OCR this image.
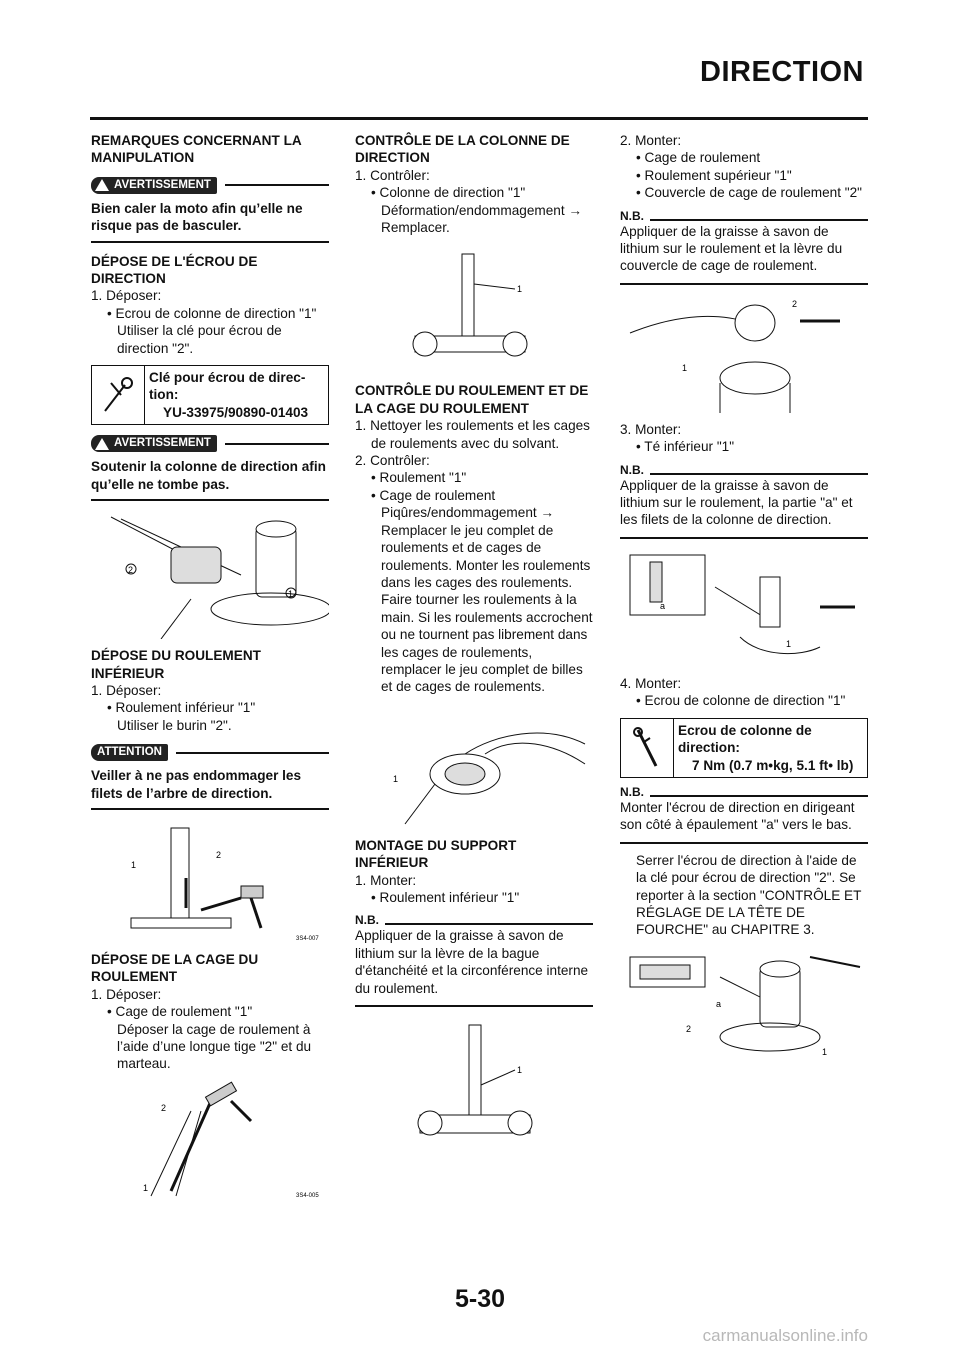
DIRECTION

REMARQUES CONCERNANT LA MANIPULATION

AVERTISSEMENT
Bien caler la moto afin qu’elle ne risque pas de basculer.

DÉPOSE DE L'ÉCROU DE DIRECTION

1. Déposer:

• Ecrou de colonne de direction "1"

Utiliser la clé pour écrou de direction "2".

Clé pour écrou de direc- tion:
YU-33975/90890-01403
AVERTISSEMENT
Soutenir la colonne de direction afin qu’elle ne tombe pas.
2
1

DÉPOSE DU ROULEMENT INFÉRIEUR

1. Déposer:

• Roulement inférieur "1"

Utiliser le burin "2".

ATTENTION
Veiller à ne pas endommager les filets de l’arbre de direction.
1
2
3S4-007

DÉPOSE DE LA CAGE DU ROULEMENT

1. Déposer:

• Cage de roulement "1"

Déposer la cage de roulement à l’aide d’une longue tige "2" et du marteau.

2
1
3S4-005

CONTRÔLE DE LA COLONNE DE DIRECTION

1. Contrôler:

• Colonne de direction "1"

Déformation/endommagement → Remplacer.

1

CONTRÔLE DU ROULEMENT ET DE LA CAGE DU ROULEMENT

1. Nettoyer les roulements et les cages de roulements avec du solvant.

2. Contrôler:

• Roulement "1"

• Cage de roulement

Piqûres/endommagement → Remplacer le jeu complet de roulements et de cages de roulements. Monter les roulements dans les cages des roulements. Faire tourner les roulements à la main. Si les roulements accrochent ou ne tournent pas librement dans les cages de roulements, remplacer le jeu complet de billes et de cages de roulements.

1

MONTAGE DU SUPPORT INFÉRIEUR

1. Monter:

• Roulement inférieur "1"

N.B.
Appliquer de la graisse à savon de lithium sur la lèvre de la bague d'étanchéité et la circonférence interne du roulement.
1

2. Monter:

• Cage de roulement

• Roulement supérieur "1"

• Couvercle de cage de roulement "2"

N.B.
Appliquer de la graisse à savon de lithium sur le roulement et la lèvre du couvercle de cage de roulement.
2
1

3. Monter:

• Té inférieur "1"

N.B.
Appliquer de la graisse à savon de lithium sur le roulement, la partie "a" et les filets de la colonne de direction.
a
1

4. Monter:

• Ecrou de colonne de direction "1"

Ecrou de colonne de direction:
7 Nm (0.7 m•kg, 5.1 ft• lb)
N.B.
Monter l'écrou de direction en dirigeant son côté à épaulement "a" vers le bas.

Serrer l'écrou de direction à l'aide de la clé pour écrou de direction "2". Se reporter à la section "CONTRÔLE ET RÉGLAGE DE LA TÊTE DE FOURCHE" au CHAPITRE 3.

a
2
1
5-30
carmanualsonline.info
